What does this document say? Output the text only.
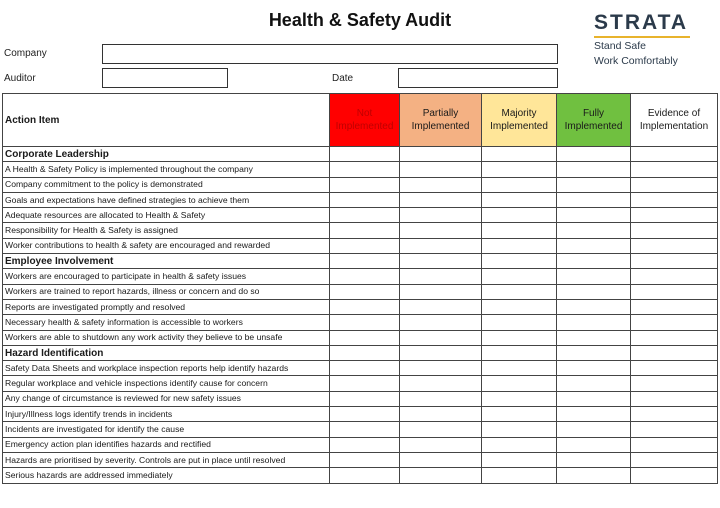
Health & Safety Audit	STRATA
Stand Safe
Work Comfortably
Company
Auditor	Date
Action Item	Not Implemented	Partially Implemented	Majority Implemented	Fully Implemented	Evidence of Implementation
Corporate Leadership					
A Health & Safety Policy is implemented throughout the company					
Company commitment to the policy is demonstrated					
Goals and expectations have defined strategies to achieve them					
Adequate resources are allocated to Health & Safety					
Responsibility for Health & Safety is assigned					
Worker contributions to health & safety are encouraged and rewarded					
Employee Involvement					
Workers are encouraged to participate in health & safety issues					
Workers are trained to report hazards, illness or concern and do so					
Reports are investigated promptly and resolved					
Necessary health & safety information is accessible to workers					
Workers are able to shutdown any work activity they believe to be unsafe					
Hazard Identification					
Safety Data Sheets and workplace inspection reports help identify hazards					
Regular workplace and vehicle inspections identify cause for concern					
Any change of circumstance is reviewed for new safety issues					
Injury/Illness logs identify trends in incidents					
Incidents are investigated for identify the cause					
Emergency action plan identifies hazards and rectified					
Hazards are prioritised by severity. Controls are put in place until resolved					
Serious hazards are addressed immediately					
